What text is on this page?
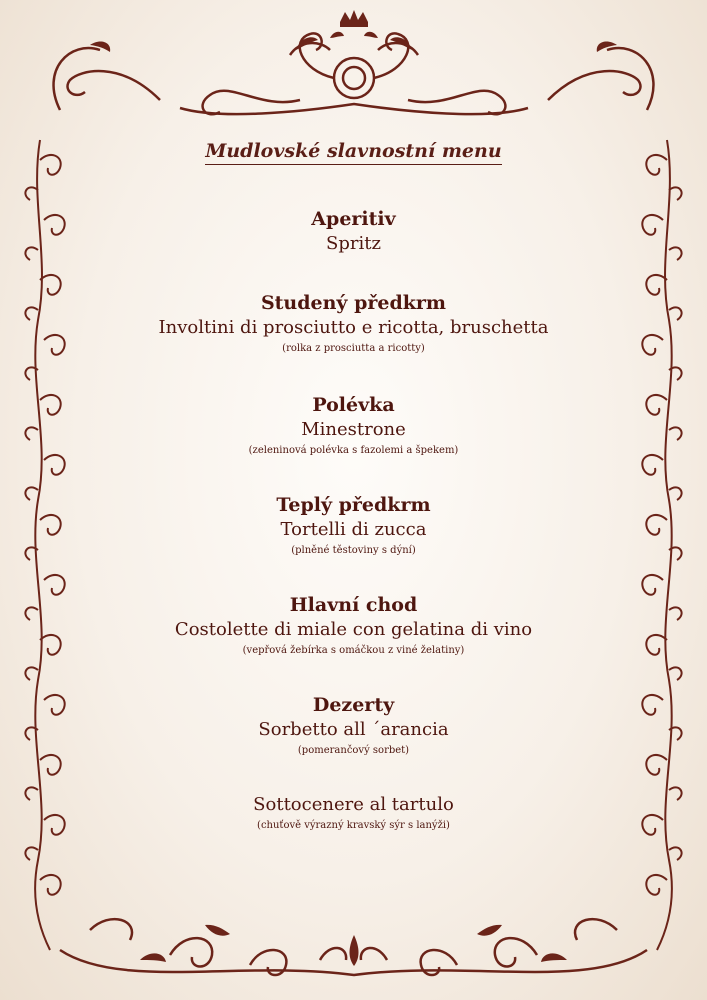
Mudlovské slavnostní menu
Aperitiv
Spritz
Studený předkrm
Involtini di prosciutto e ricotta, bruschetta
(rolka z prosciutta a ricotty)
Polévka
Minestrone
(zeleninová polévka s fazolemi a špekem)
Teplý předkrm
Tortelli di zucca
(plněné těstoviny s dýní)
Hlavní chod
Costolette di miale con gelatina di vino
(vepřová žebírka s omáčkou z viné želatiny)
Dezerty
Sorbetto all ´arancia
(pomerančový sorbet)
Sottocenere al tartulo
(chuťově výrazný kravský sýr s lanýži)
